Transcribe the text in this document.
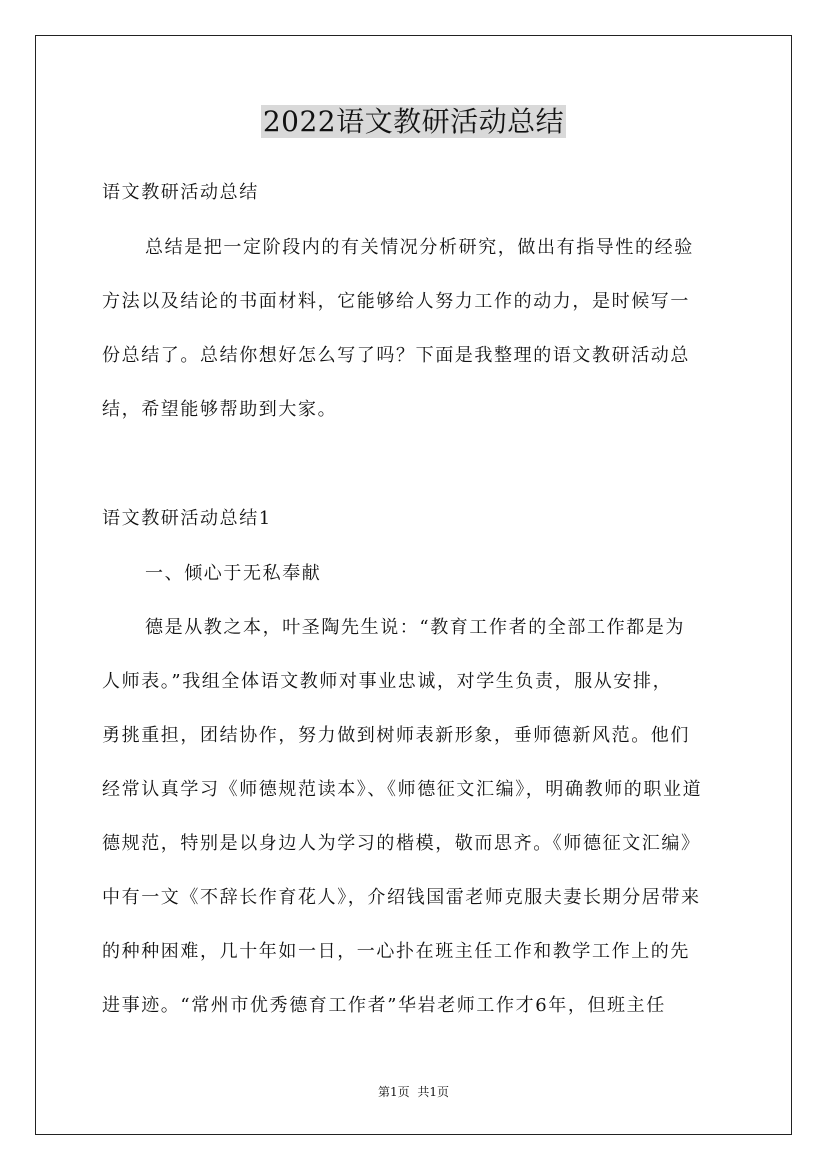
2022语文教研活动总结
语文教研活动总结
总结是把一定阶段内的有关情况分析研究，做出有指导性的经验
方法以及结论的书面材料，它能够给人努力工作的动力，是时候写一
份总结了。总结你想好怎么写了吗？下面是我整理的语文教研活动总
结，希望能够帮助到大家。
语文教研活动总结1
一、倾心于无私奉献
德是从教之本，叶圣陶先生说：“教育工作者的全部工作都是为
人师表。”我组全体语文教师对事业忠诚，对学生负责，服从安排，
勇挑重担，团结协作，努力做到树师表新形象，垂师德新风范。他们
经常认真学习《师德规范读本》、《师德征文汇编》，明确教师的职业道
德规范，特别是以身边人为学习的楷模，敬而思齐。《师德征文汇编》
中有一文《不辞长作育花人》，介绍钱国雷老师克服夫妻长期分居带来
的种种困难，几十年如一日，一心扑在班主任工作和教学工作上的先
进事迹。“常州市优秀德育工作者”华岩老师工作才6年，但班主任
第1页 共1页
